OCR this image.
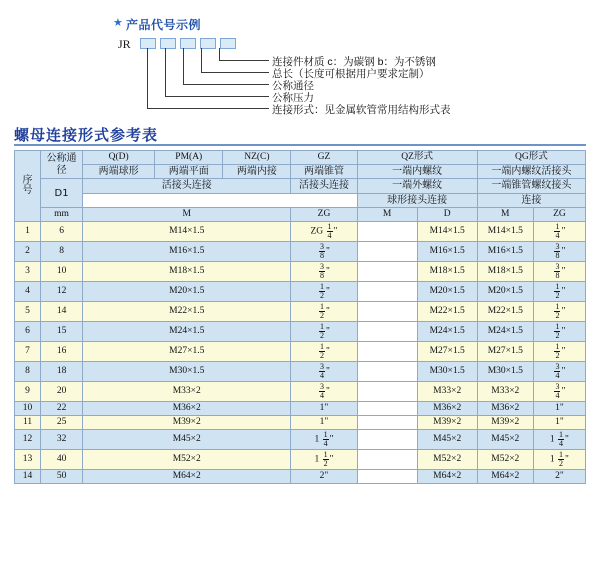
★ 产品代号示例
JR
连接件材质 c：为碳钢 b：为不锈钢
总长（长度可根据用户要求定制）
公称通径
公称压力
连接形式：见金属软管常用结构形式表
螺母连接形式参考表
序
号	公称通径	Q(D)	PM(A)	NZ(C)	GZ	QZ形式		QG形式	
		两端球形	两端平面	两端内接	两端锥管	一端内螺纹		一端内螺纹活接头	
	D1	活接头连接			活接头连接	一端外螺纹		一端锥管螺纹接头	
						球形接头连接		连接	
	mm	M			ZG	M	D	M	ZG
1	6	M14×1.5			ZG $\frac{1}{4}$ "		M14×1.5	M14×1.5	$\frac{1}{4}$ "
2	8	M16×1.5			$\frac{3}{8}$ "		M16×1.5	M16×1.5	$\frac{3}{8}$ "
3	10	M18×1.5			$\frac{3}{8}$ "		M18×1.5	M18×1.5	$\frac{3}{8}$ "
4	12	M20×1.5			$\frac{1}{2}$ "		M20×1.5	M20×1.5	$\frac{1}{2}$ "
5	14	M22×1.5			$\frac{1}{2}$ "		M22×1.5	M22×1.5	$\frac{1}{2}$ "
6	15	M24×1.5			$\frac{1}{2}$ "		M24×1.5	M24×1.5	$\frac{1}{2}$ "
7	16	M27×1.5			$\frac{1}{2}$ "		M27×1.5	M27×1.5	$\frac{1}{2}$ "
8	18	M30×1.5			$\frac{3}{4}$ "		M30×1.5	M30×1.5	$\frac{3}{4}$ "
9	20	M33×2			$\frac{3}{4}$ "		M33×2	M33×2	$\frac{3}{4}$ "
10	22	M36×2			1"		M36×2	M36×2	1"
11	25	M39×2			1"		M39×2	M39×2	1"
12	32	M45×2			$1 \frac{1}{4}$ "		M45×2	M45×2	$1 \frac{1}{4}$ "
13	40	M52×2			$1 \frac{1}{2}$ "		M52×2	M52×2	$1 \frac{1}{2}$ "
14	50	M64×2			2"		M64×2	M64×2	2"
